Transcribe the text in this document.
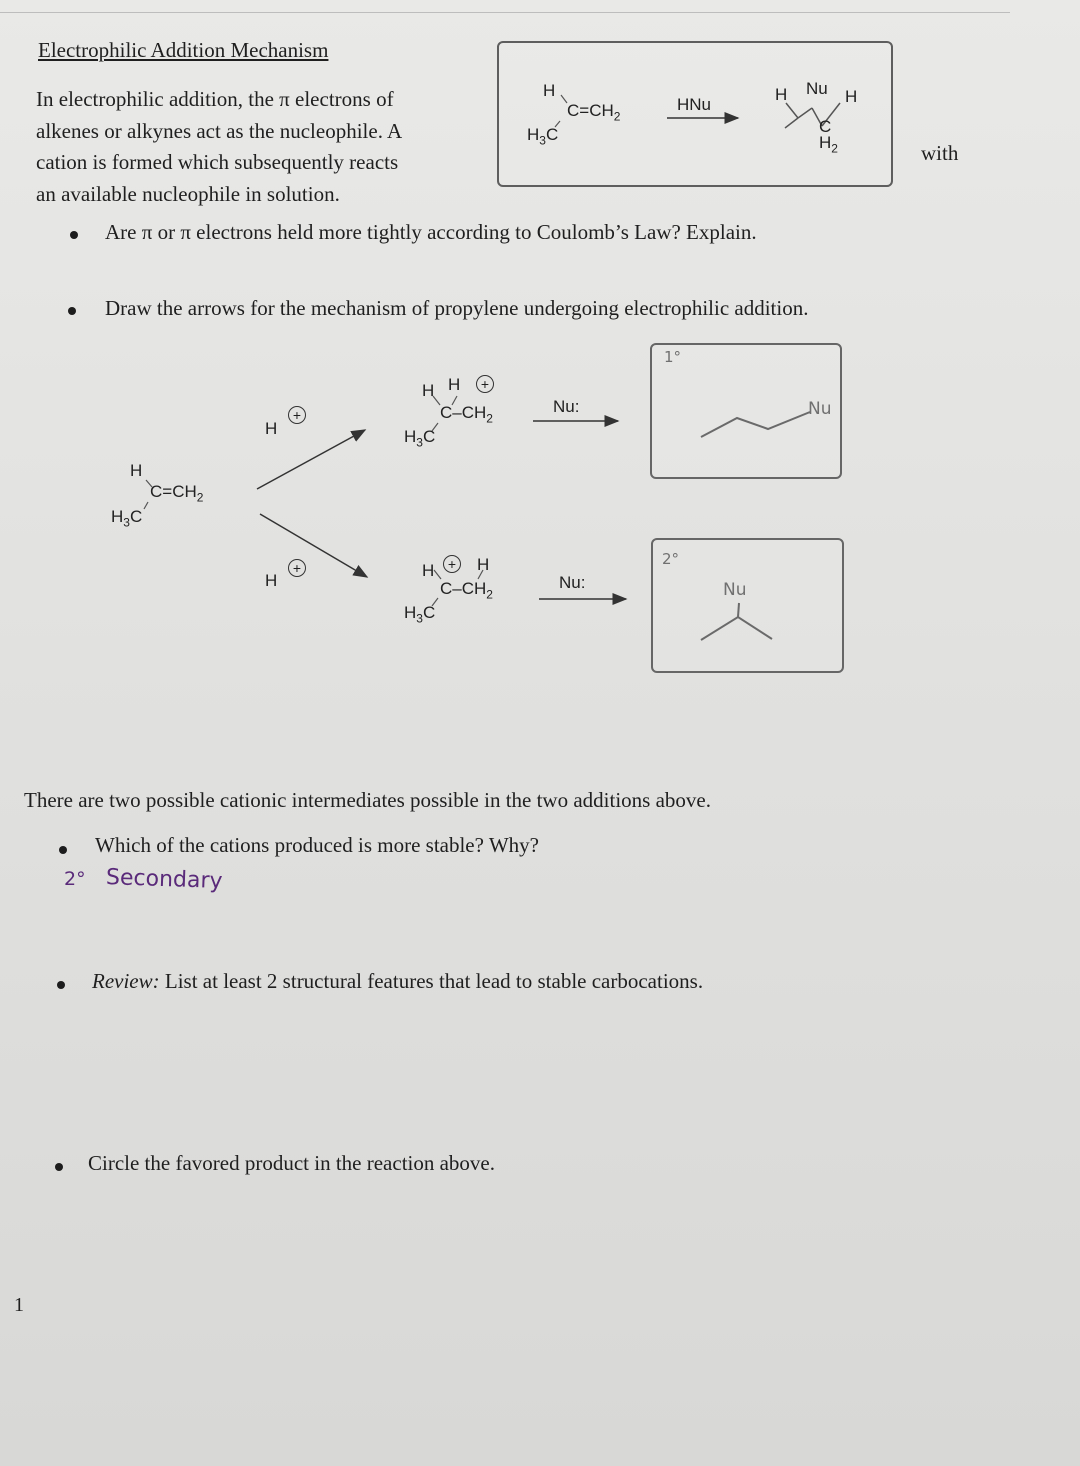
Electrophilic Addition Mechanism
In electrophilic addition, the π electrons of
alkenes or alkynes act as the nucleophile. A
cation is formed which subsequently reacts
an available nucleophile in solution.
with
H
$C=CH_2$
$H_3C$
HNu
H Nu H
C
$H_2$
Are π or π electrons held more tightly according to Coulomb’s Law? Explain.
Draw the arrows for the mechanism of propylene undergoing electrophilic addition.
H
$C=CH_2$
$H_3C$
H
+
H
+
H H	+
$C-CH_2$
$H_3C$
Nu:
H + H
$C-CH_2$
$H_3C$
Nu:
1°
Nu
2°
Nu
There are two possible cationic intermediates possible in the two additions above.
Which of the cations produced is more stable? Why?
2° Secondary
Review: List at least 2 structural features that lead to stable carbocations.
Circle the favored product in the reaction above.
1
